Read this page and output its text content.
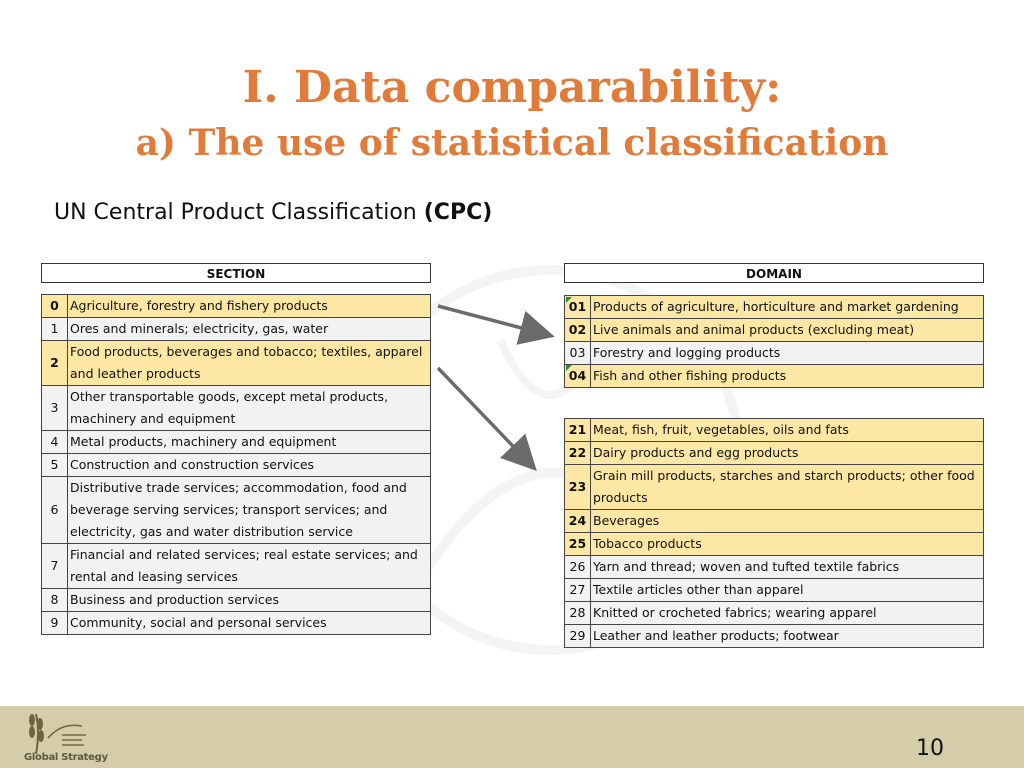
I. Data comparability:
a) The use of statistical classification
UN Central Product Classification (CPC)
SECTION
0	Agriculture, forestry and fishery products
1	Ores and minerals; electricity, gas, water
2	Food products, beverages and tobacco; textiles, apparel and leather products
3	Other transportable goods, except metal products, machinery and equipment
4	Metal products, machinery and equipment
5	Construction and construction services
6	Distributive trade services; accommodation, food and beverage serving services; transport services; and electricity, gas and water distribution service
7	Financial and related services; real estate services; and rental and leasing services
8	Business and production services
9	Community, social and personal services
DOMAIN
01	Products of agriculture, horticulture and market gardening
02	Live animals and animal products (excluding meat)
03	Forestry and logging products
04	Fish and other fishing products
21	Meat, fish, fruit, vegetables, oils and fats
22	Dairy products and egg products
23	Grain mill products, starches and starch products; other food products
24	Beverages
25	Tobacco products
26	Yarn and thread; woven and tufted textile fabrics
27	Textile articles other than apparel
28	Knitted or crocheted fabrics; wearing apparel
29	Leather and leather products; footwear
Global Strategy	10
